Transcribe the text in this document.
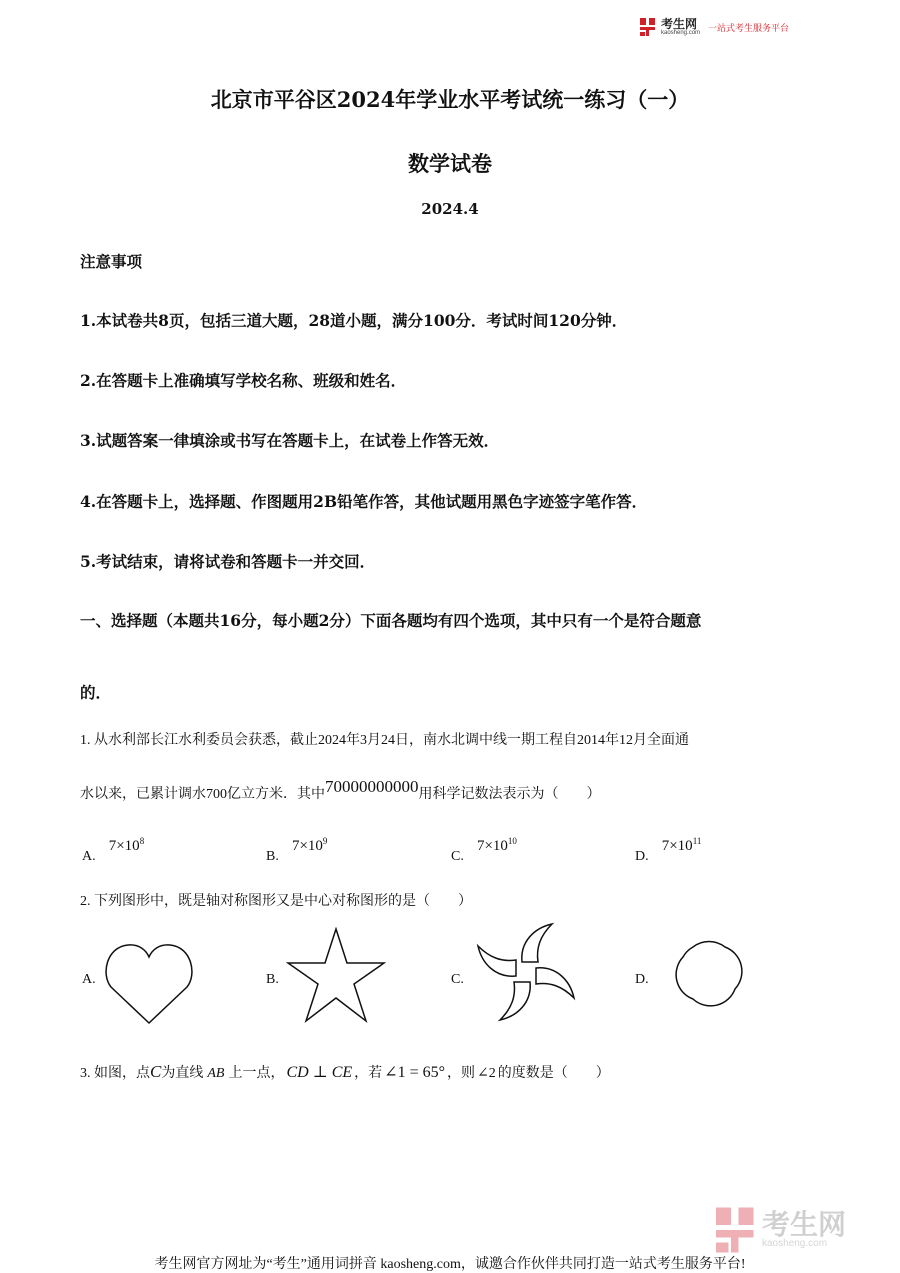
考生网
kaosheng.com 一站式考生服务平台
北京市平谷区2024年学业水平考试统一练习（一）
数学试卷
2024.4
注意事项
1.本试卷共8页，包括三道大题，28道小题，满分100分．考试时间120分钟．
2.在答题卡上准确填写学校名称、班级和姓名．
3.试题答案一律填涂或书写在答题卡上，在试卷上作答无效．
4.在答题卡上，选择题、作图题用2B铅笔作答，其他试题用黑色字迹签字笔作答．
5.考试结束，请将试卷和答题卡一并交回．
一、选择题（本题共16分，每小题2分）下面各题均有四个选项，其中只有一个是符合题意
的．
1. 从水利部长江水利委员会获悉，截止2024年3月24日，南水北调中线一期工程自2014年12月全面通
水以来，已累计调水700亿立方米．其中70000000000用科学记数法表示为（　　）
A. $7\times 10^8$
B. $7\times 10^9$
C. $7\times 10^{10}$
D. $7\times 10^{11}$
2. 下列图形中，既是轴对称图形又是中心对称图形的是（　　）
A.	B.	C.	D.
3. 如图，点C为直线 AB 上一点， CD ⊥ CE ，若 ∠1 = 65° ，则 ∠2 的度数是（　　）
考生网
kaosheng.com
考生网官方网址为“考生”通用词拼音 kaosheng.com，诚邀合作伙伴共同打造一站式考生服务平台!
